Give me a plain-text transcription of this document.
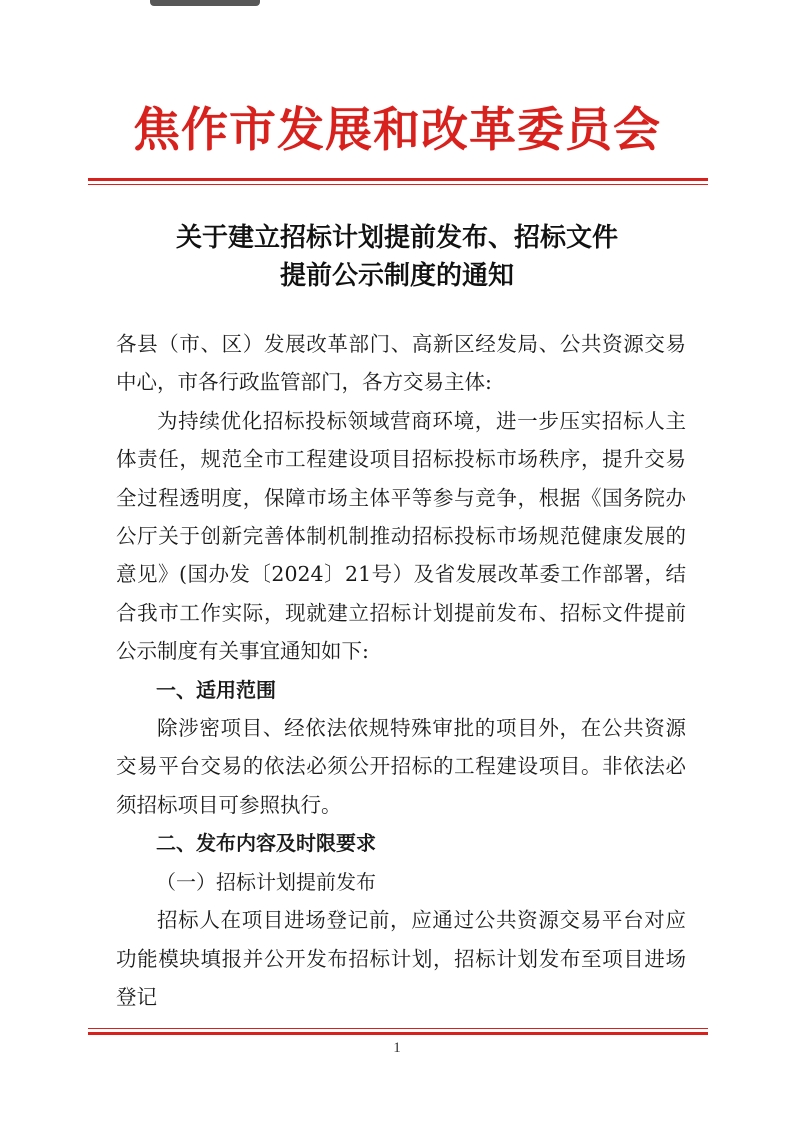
焦作市发展和改革委员会
关于建立招标计划提前发布、招标文件
提前公示制度的通知

各县（市、区）发展改革部门、高新区经发局、公共资源交易中心，市各行政监管部门，各方交易主体:

为持续优化招标投标领域营商环境，进一步压实招标人主体责任，规范全市工程建设项目招标投标市场秩序，提升交易全过程透明度，保障市场主体平等参与竞争，根据《国务院办公厅关于创新完善体制机制推动招标投标市场规范健康发展的意见》(国办发〔2024〕21号）及省发展改革委工作部署，结合我市工作实际，现就建立招标计划提前发布、招标文件提前公示制度有关事宜通知如下:

一、适用范围

除涉密项目、经依法依规特殊审批的项目外，在公共资源交易平台交易的依法必须公开招标的工程建设项目。非依法必须招标项目可参照执行。

二、发布内容及时限要求

（一）招标计划提前发布

招标人在项目进场登记前，应通过公共资源交易平台对应功能模块填报并公开发布招标计划，招标计划发布至项目进场登记

1
